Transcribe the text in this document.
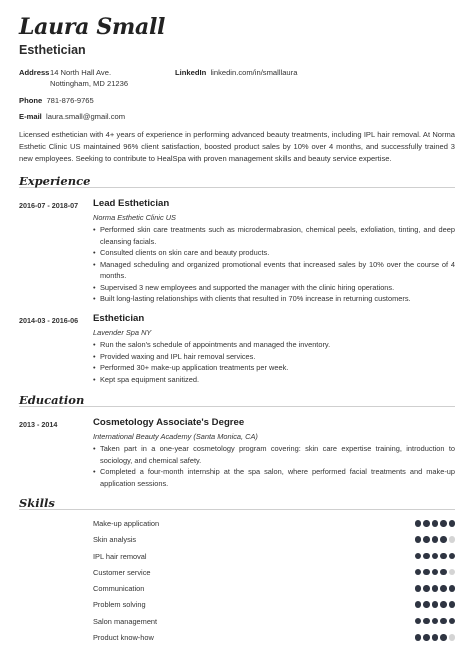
Laura Small
Esthetician
Address 14 North Hall Ave.
Nottingham, MD 21236
LinkedIn linkedin.com/in/smalllaura
Phone 781-876-9765
E-mail laura.small@gmail.com

Licensed esthetician with 4+ years of experience in performing advanced beauty treatments, including IPL hair removal. At Norma Esthetic Clinic US maintained 96% client satisfaction, boosted product sales by 10% over 4 months, and successfully trained 3 new employees. Seeking to contribute to HealSpa with proven management skills and beauty service expertise.

Experience
2016-07 - 2018-07 Lead Esthetician
Norma Esthetic Clinic US
• Performed skin care treatments such as microdermabrasion, chemical peels, exfoliation, tinting, and deep cleansing facials.
• Consulted clients on skin care and beauty products.
• Managed scheduling and organized promotional events that increased sales by 10% over the course of 4 months.
• Supervised 3 new employees and supported the manager with the clinic hiring operations.
• Built long-lasting relationships with clients that resulted in 70% increase in returning customers.
2014-03 - 2016-06 Esthetician
Lavender Spa NY
• Run the salon's schedule of appointments and managed the inventory.
• Provided waxing and IPL hair removal services.
• Performed 30+ make-up application treatments per week.
• Kept spa equipment sanitized.
Education
2013 - 2014	Cosmetology Associate's Degree
International Beauty Academy (Santa Monica, CA)
• Taken part in a one-year cosmetology program covering: skin care expertise training, introduction to sociology, and chemical safety.
• Completed a four-month internship at the spa salon, where performed facial treatments and make-up application sessions.
Skills
Make-up application
Skin analysis
IPL hair removal
Customer service
Communication
Problem solving
Salon management
Product know-how
